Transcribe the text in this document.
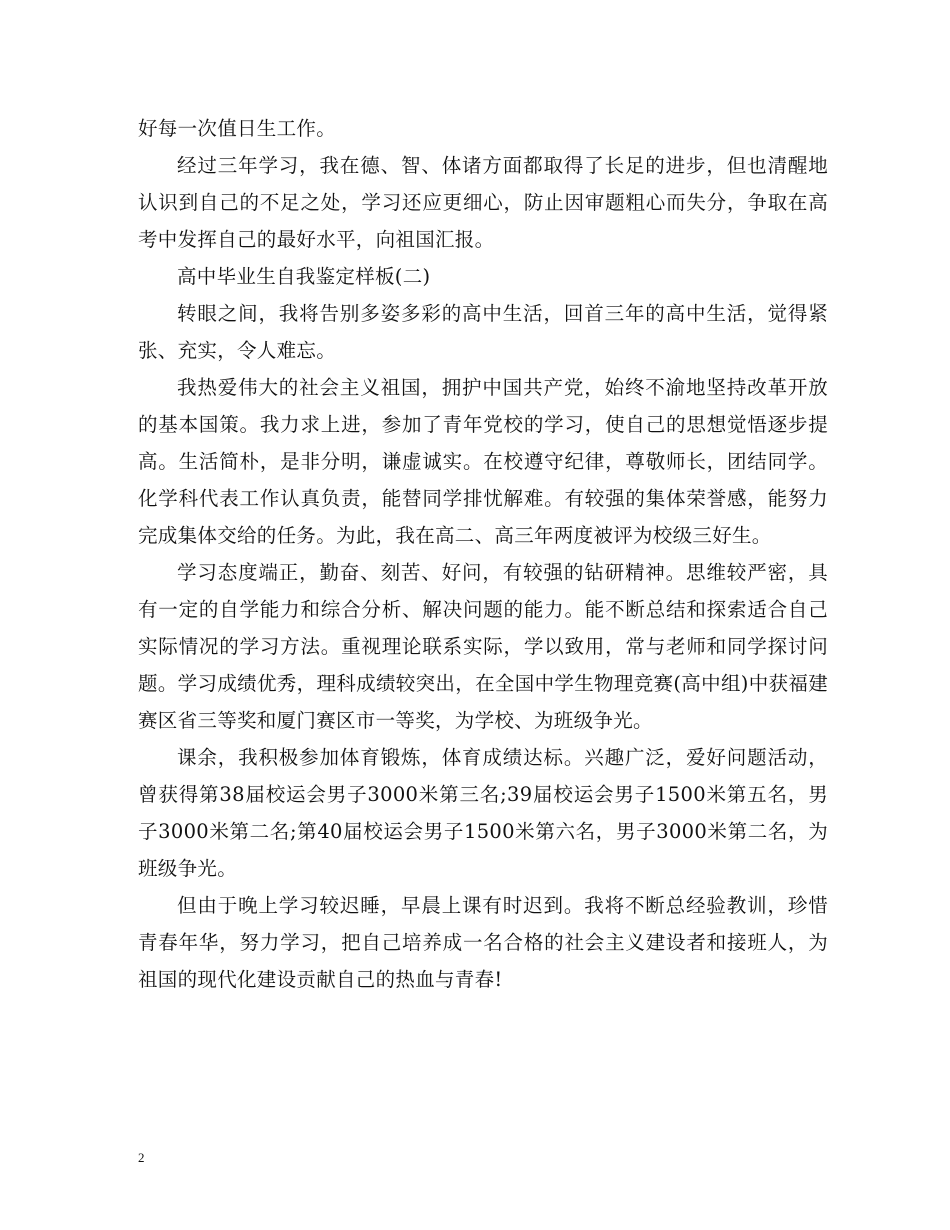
好每一次值日生工作。

经过三年学习，我在德、智、体诸方面都取得了长足的进步，但也清醒地认识到自己的不足之处，学习还应更细心，防止因审题粗心而失分，争取在高考中发挥自己的最好水平，向祖国汇报。

高中毕业生自我鉴定样板(二)

转眼之间，我将告别多姿多彩的高中生活，回首三年的高中生活，觉得紧张、充实，令人难忘。

我热爱伟大的社会主义祖国，拥护中国共产党，始终不渝地坚持改革开放的基本国策。我力求上进，参加了青年党校的学习，使自己的思想觉悟逐步提高。生活简朴，是非分明，谦虚诚实。在校遵守纪律，尊敬师长，团结同学。化学科代表工作认真负责，能替同学排忧解难。有较强的集体荣誉感，能努力完成集体交给的任务。为此，我在高二、高三年两度被评为校级三好生。

学习态度端正，勤奋、刻苦、好问，有较强的钻研精神。思维较严密，具有一定的自学能力和综合分析、解决问题的能力。能不断总结和探索适合自己实际情况的学习方法。重视理论联系实际，学以致用，常与老师和同学探讨问题。学习成绩优秀，理科成绩较突出，在全国中学生物理竞赛(高中组)中获福建赛区省三等奖和厦门赛区市一等奖，为学校、为班级争光。

课余，我积极参加体育锻炼，体育成绩达标。兴趣广泛，爱好问题活动，曾获得第38届校运会男子3000米第三名;39届校运会男子1500米第五名，男子3000米第二名;第40届校运会男子1500米第六名，男子3000米第二名，为班级争光。

但由于晚上学习较迟睡，早晨上课有时迟到。我将不断总经验教训，珍惜青春年华，努力学习，把自己培养成一名合格的社会主义建设者和接班人，为祖国的现代化建设贡献自己的热血与青春!

2
